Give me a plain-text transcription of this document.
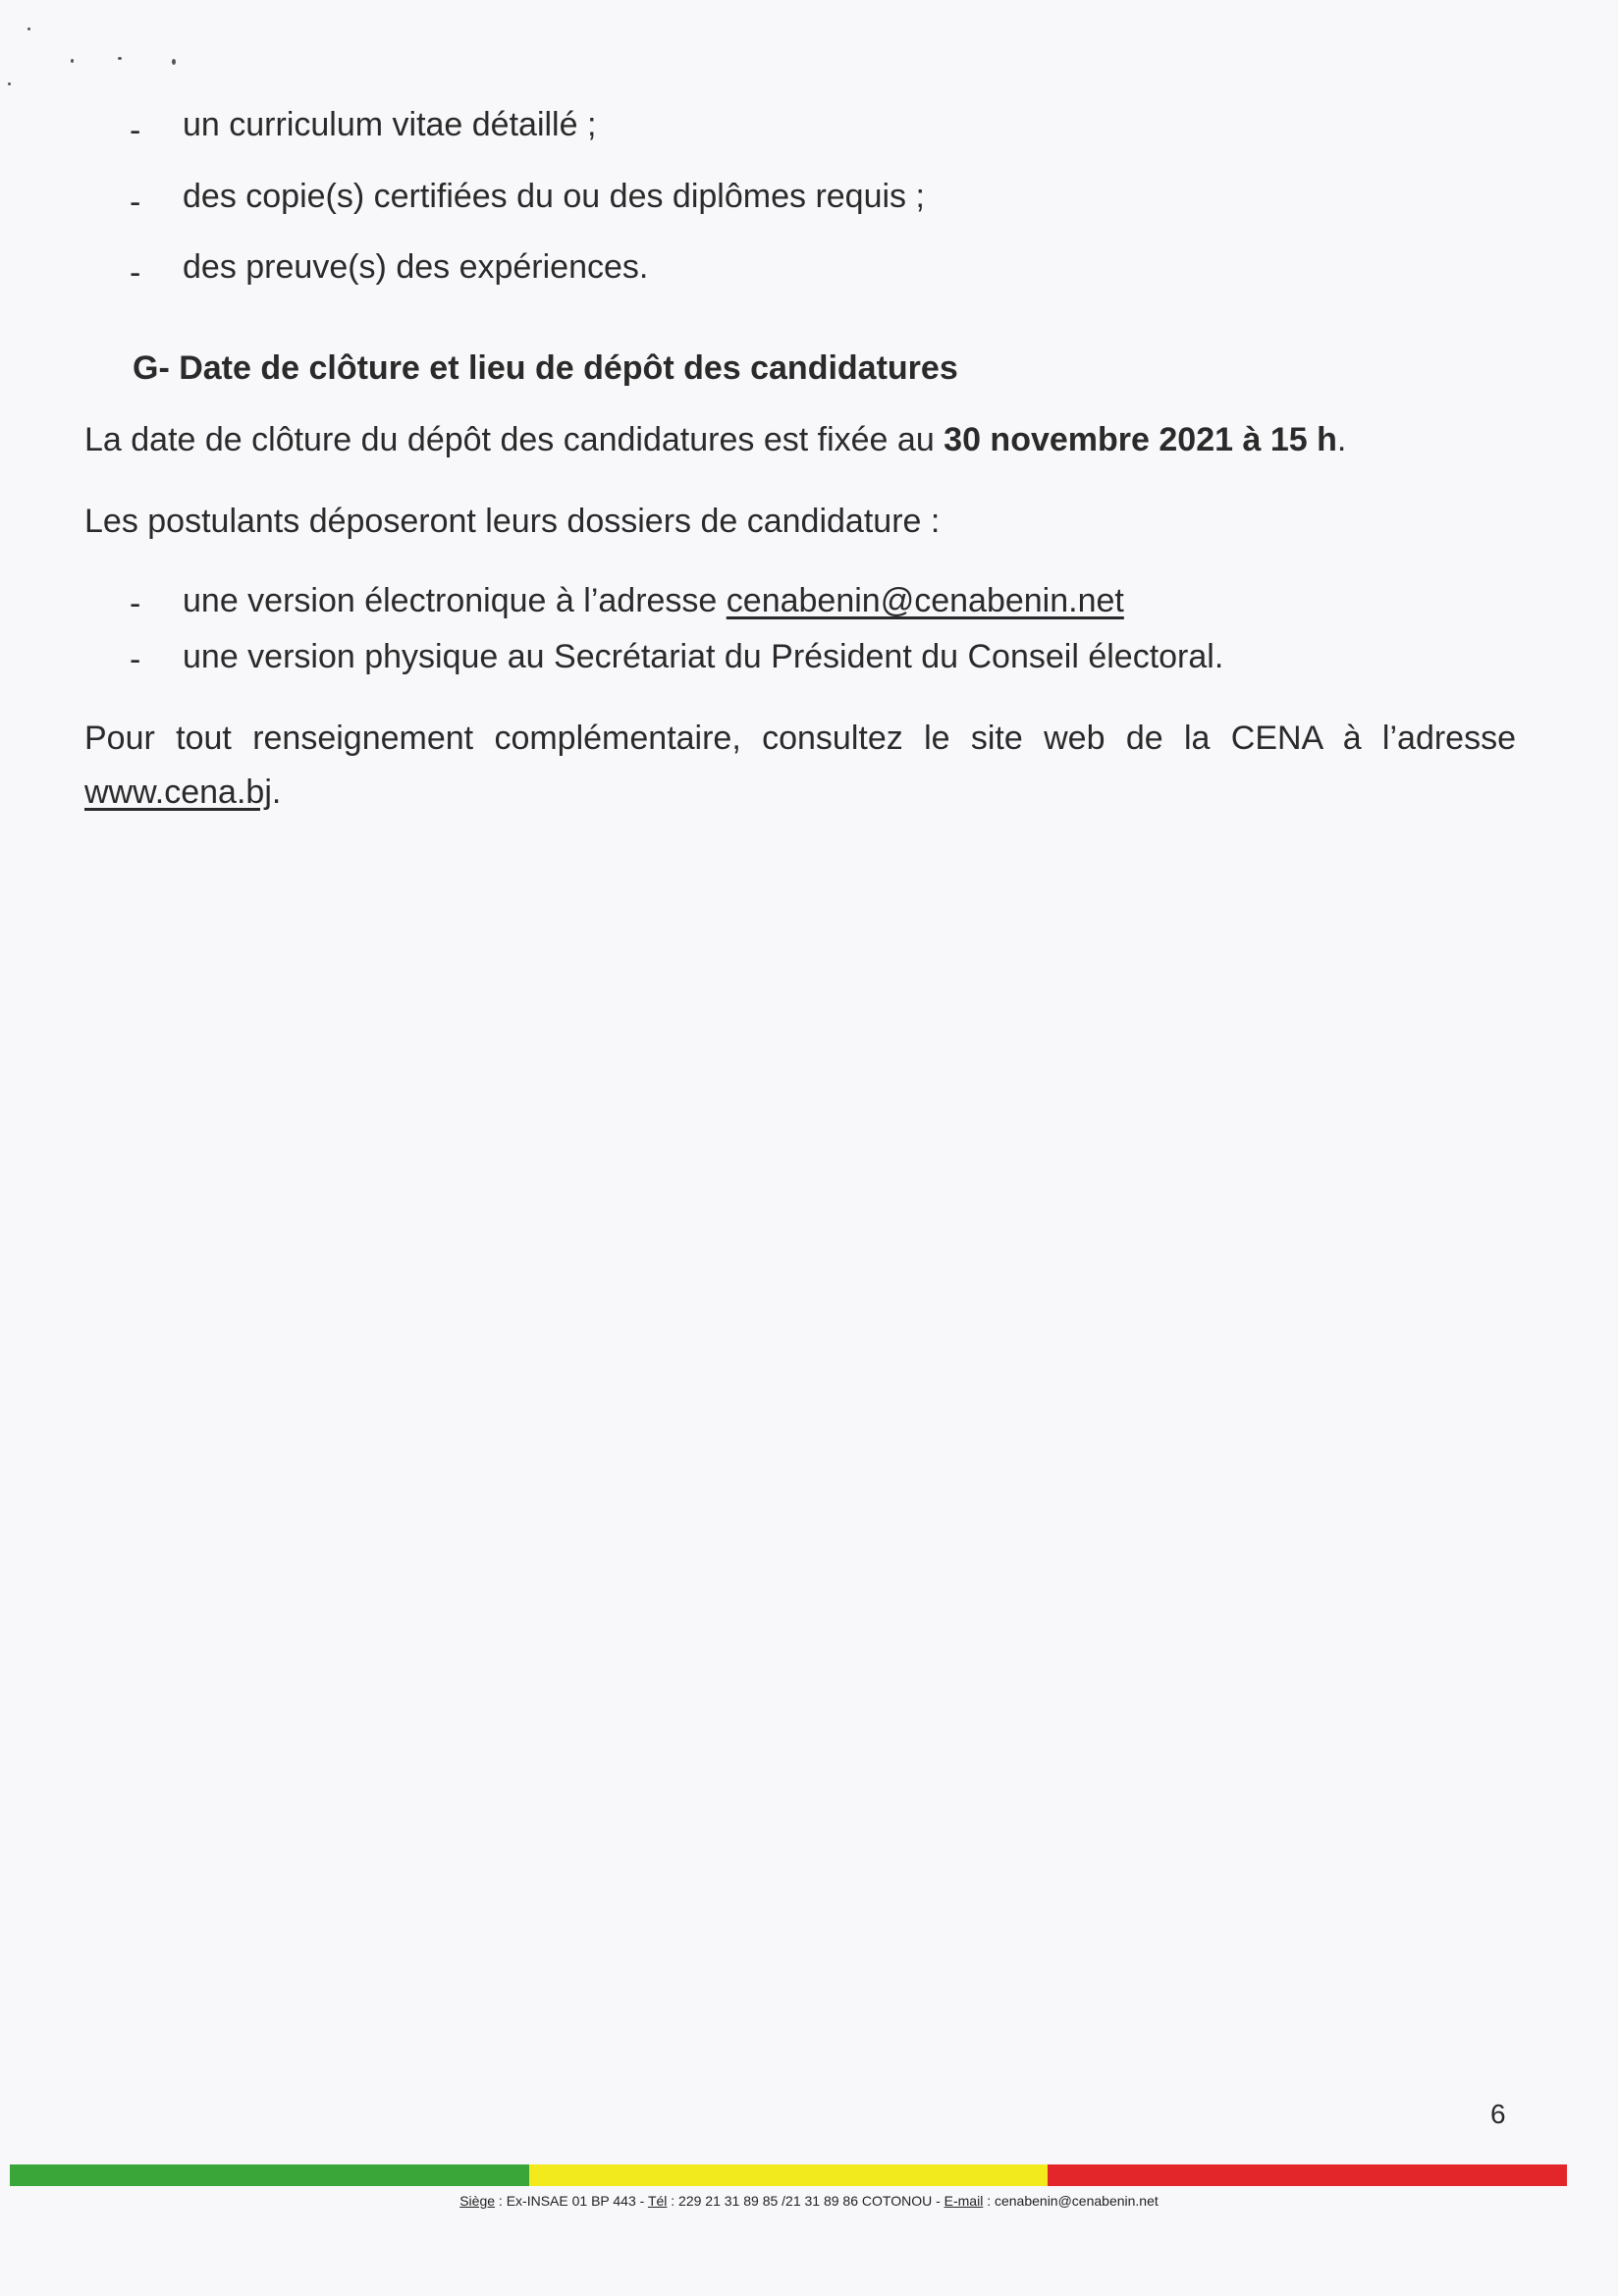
- un curriculum vitae détaillé ;
- des copie(s) certifiées du ou des diplômes requis ;
- des preuve(s) des expériences.
G- Date de clôture et lieu de dépôt des candidatures
La date de clôture du dépôt des candidatures est fixée au 30 novembre 2021 à 15 h.
Les postulants déposeront leurs dossiers de candidature :
- une version électronique à l’adresse cenabenin@cenabenin.net
- une version physique au Secrétariat du Président du Conseil électoral.
Pour tout renseignement complémentaire, consultez le site web de la CENA à l’adresse
www.cena.bj.
6
Siège : Ex-INSAE 01 BP 443 - Tél : 229 21 31 89 85 /21 31 89 86 COTONOU - E-mail : cenabenin@cenabenin.net
